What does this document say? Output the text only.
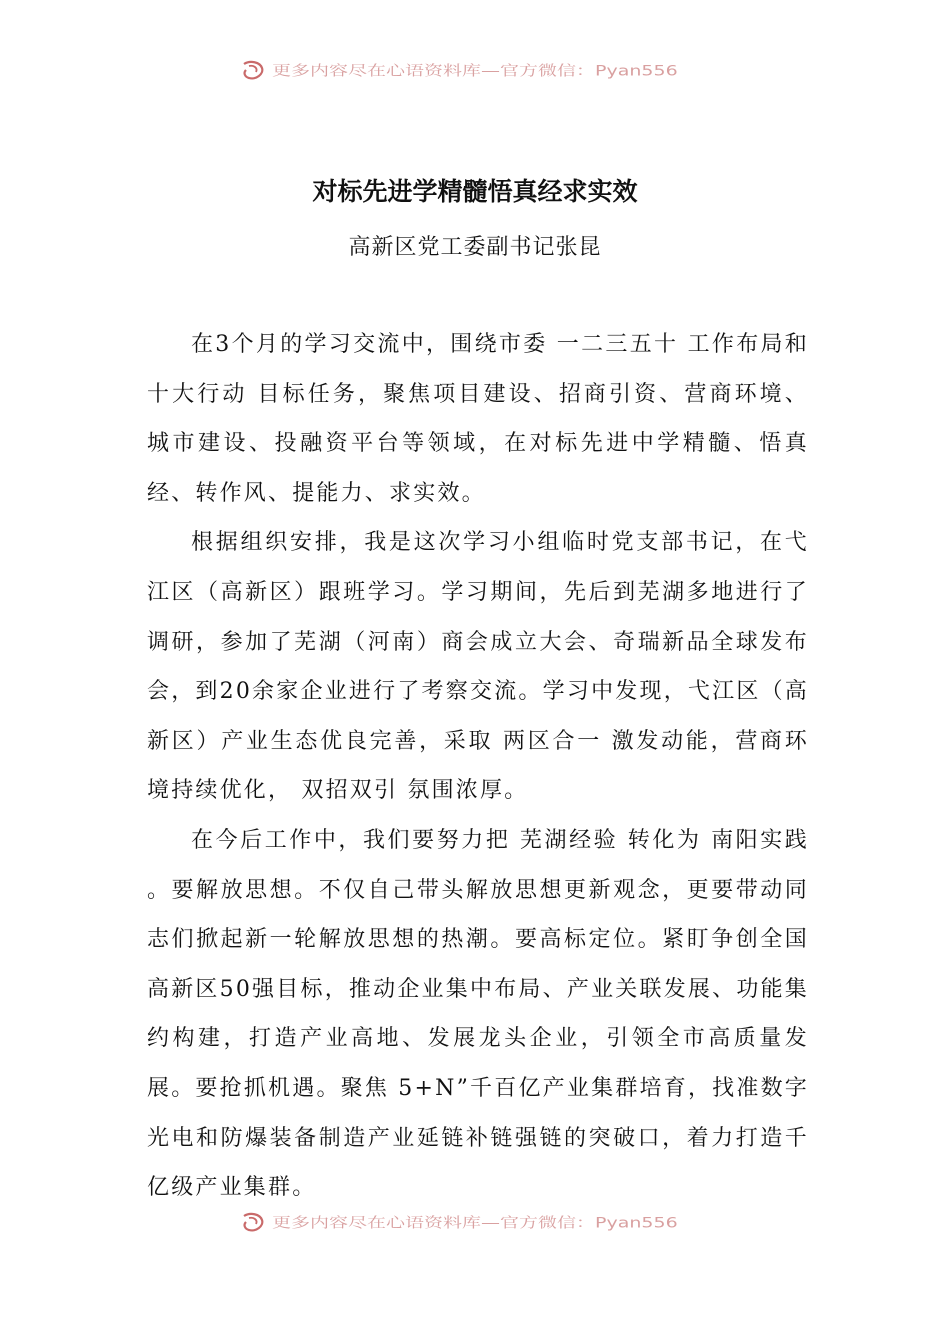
更多内容尽在心语资料库—官方微信：Pyan556
对标先进学精髓悟真经求实效
高新区党工委副书记张昆

在3个月的学习交流中，围绕市委 一二三五十 工作布局和 十大行动 目标任务，聚焦项目建设、招商引资、营商环境、城市建设、投融资平台等领域，在对标先进中学精髓、悟真经、转作风、提能力、求实效。

根据组织安排，我是这次学习小组临时党支部书记，在弋江区（高新区）跟班学习。学习期间，先后到芜湖多地进行了调研，参加了芜湖（河南）商会成立大会、奇瑞新品全球发布会，到20余家企业进行了考察交流。学习中发现，弋江区（高新区）产业生态优良完善，采取 两区合一 激发动能，营商环境持续优化， 双招双引 氛围浓厚。

在今后工作中，我们要努力把 芜湖经验 转化为 南阳实践 。要解放思想。不仅自己带头解放思想更新观念，更要带动同志们掀起新一轮解放思想的热潮。要高标定位。紧盯争创全国高新区50强目标，推动企业集中布局、产业关联发展、功能集约构建，打造产业高地、发展龙头企业，引领全市高质量发展。要抢抓机遇。聚焦 5+N”千百亿产业集群培育，找准数字光电和防爆装备制造产业延链补链强链的突破口，着力打造千亿级产业集群。

更多内容尽在心语资料库—官方微信：Pyan556
